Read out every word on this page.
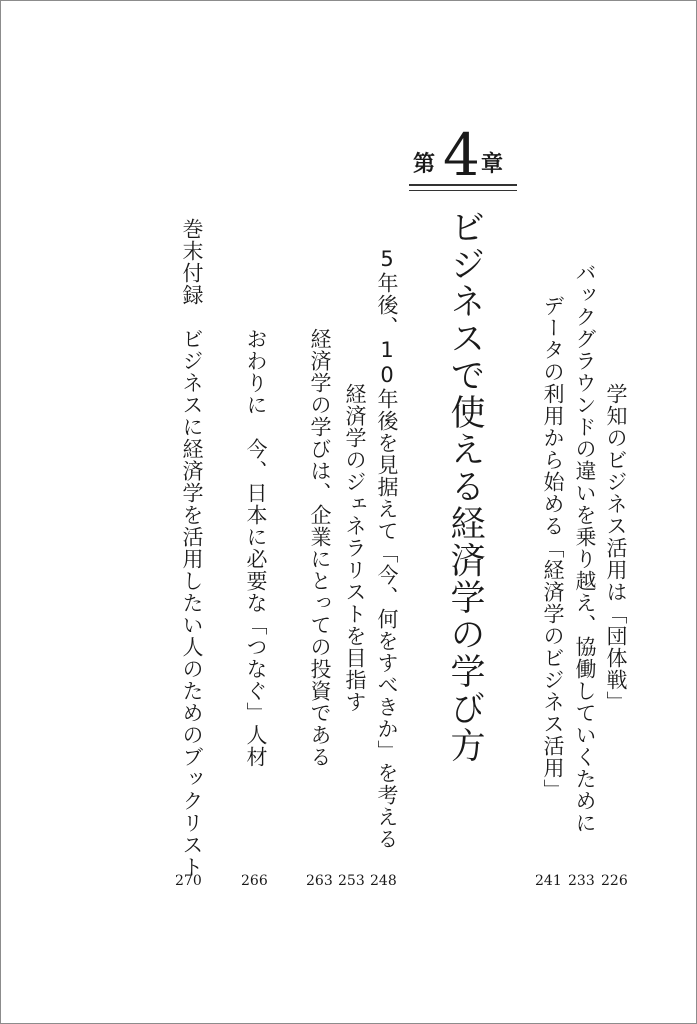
第 4 章
ビジネスで使える経済学の学び方	学知のビジネス活用は「団体戦」
バックグラウンドの違いを乗り越え、協働していくために
データの利用から始める「経済学のビジネス活用」
5年後、10年後を見据えて「今、何をすべきか」を考える
経済学のジェネラリストを目指す
経済学の学びは、企業にとっての投資である
おわりに　今、日本に必要な「つなぐ」人材
巻末付録　ビジネスに経済学を活用したい人のためのブックリスト
226
233
241
248
253
263
266
270
